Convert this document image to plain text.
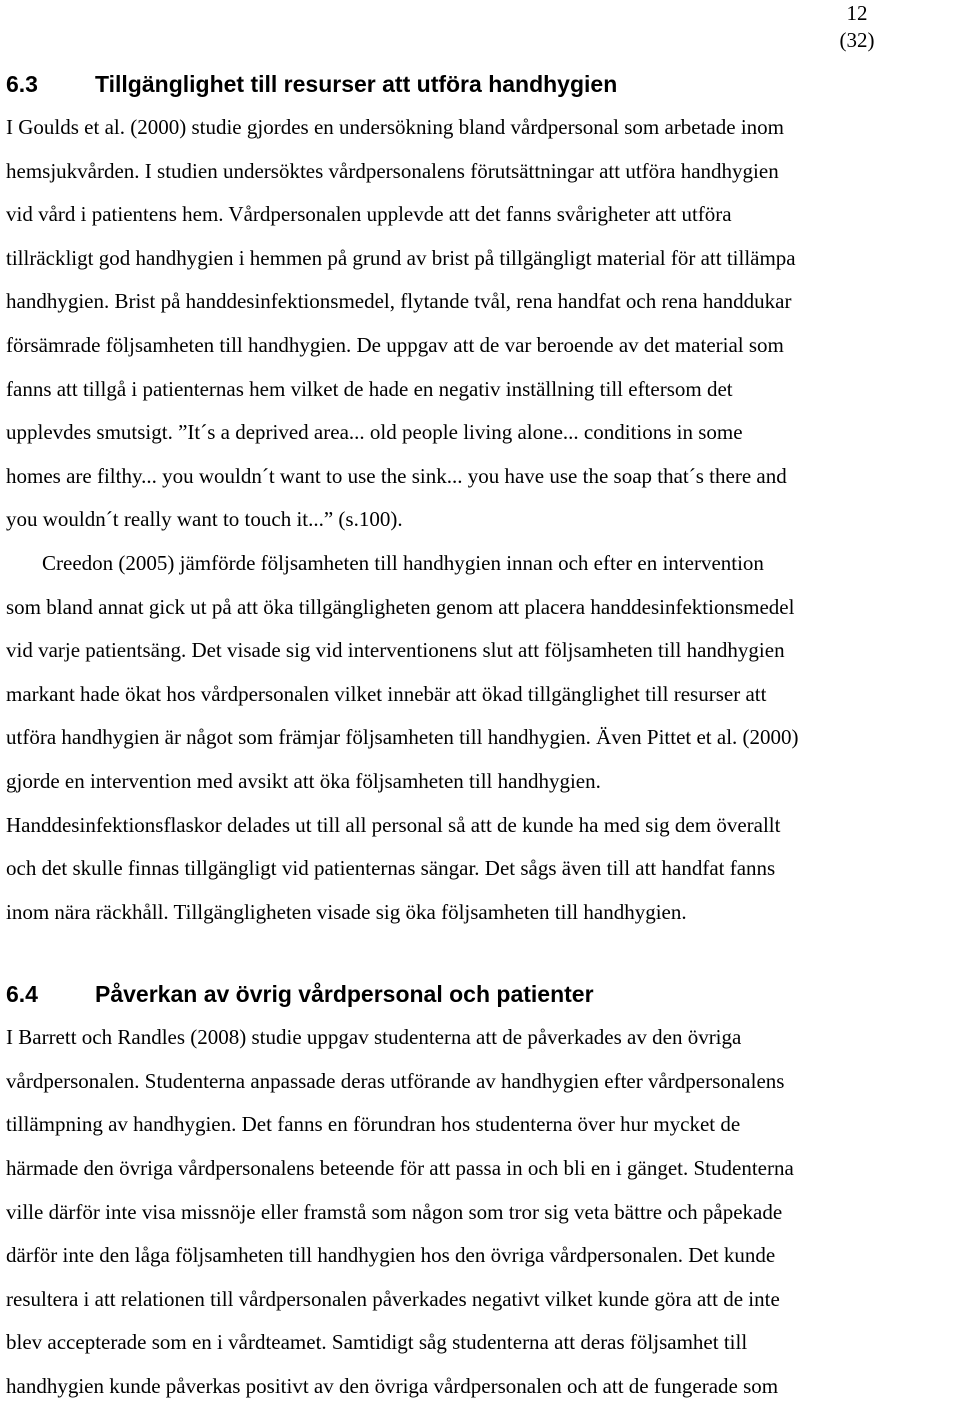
12
(32)
6.3 Tillgänglighet till resurser att utföra handhygien
I Goulds et al. (2000) studie gjordes en undersökning bland vårdpersonal som arbetade inom
hemsjukvården. I studien undersöktes vårdpersonalens förutsättningar att utföra handhygien
vid vård i patientens hem. Vårdpersonalen upplevde att det fanns svårigheter att utföra
tillräckligt god handhygien i hemmen på grund av brist på tillgängligt material för att tillämpa
handhygien. Brist på handdesinfektionsmedel, flytande tvål, rena handfat och rena handdukar
försämrade följsamheten till handhygien. De uppgav att de var beroende av det material som
fanns att tillgå i patienternas hem vilket de hade en negativ inställning till eftersom det
upplevdes smutsigt. ”It´s a deprived area... old people living alone... conditions in some
homes are filthy... you wouldn´t want to use the sink... you have use the soap that´s there and
you wouldn´t really want to touch it...” (s.100).
Creedon (2005) jämförde följsamheten till handhygien innan och efter en intervention
som bland annat gick ut på att öka tillgängligheten genom att placera handdesinfektionsmedel
vid varje patientsäng. Det visade sig vid interventionens slut att följsamheten till handhygien
markant hade ökat hos vårdpersonalen vilket innebär att ökad tillgänglighet till resurser att
utföra handhygien är något som främjar följsamheten till handhygien. Även Pittet et al. (2000)
gjorde en intervention med avsikt att öka följsamheten till handhygien.
Handdesinfektionsflaskor delades ut till all personal så att de kunde ha med sig dem överallt
och det skulle finnas tillgängligt vid patienternas sängar. Det sågs även till att handfat fanns
inom nära räckhåll. Tillgängligheten visade sig öka följsamheten till handhygien.
6.4 Påverkan av övrig vårdpersonal och patienter
I Barrett och Randles (2008) studie uppgav studenterna att de påverkades av den övriga
vårdpersonalen. Studenterna anpassade deras utförande av handhygien efter vårdpersonalens
tillämpning av handhygien. Det fanns en förundran hos studenterna över hur mycket de
härmade den övriga vårdpersonalens beteende för att passa in och bli en i gänget. Studenterna
ville därför inte visa missnöje eller framstå som någon som tror sig veta bättre och påpekade
därför inte den låga följsamheten till handhygien hos den övriga vårdpersonalen. Det kunde
resultera i att relationen till vårdpersonalen påverkades negativt vilket kunde göra att de inte
blev accepterade som en i vårdteamet. Samtidigt såg studenterna att deras följsamhet till
handhygien kunde påverkas positivt av den övriga vårdpersonalen och att de fungerade som
